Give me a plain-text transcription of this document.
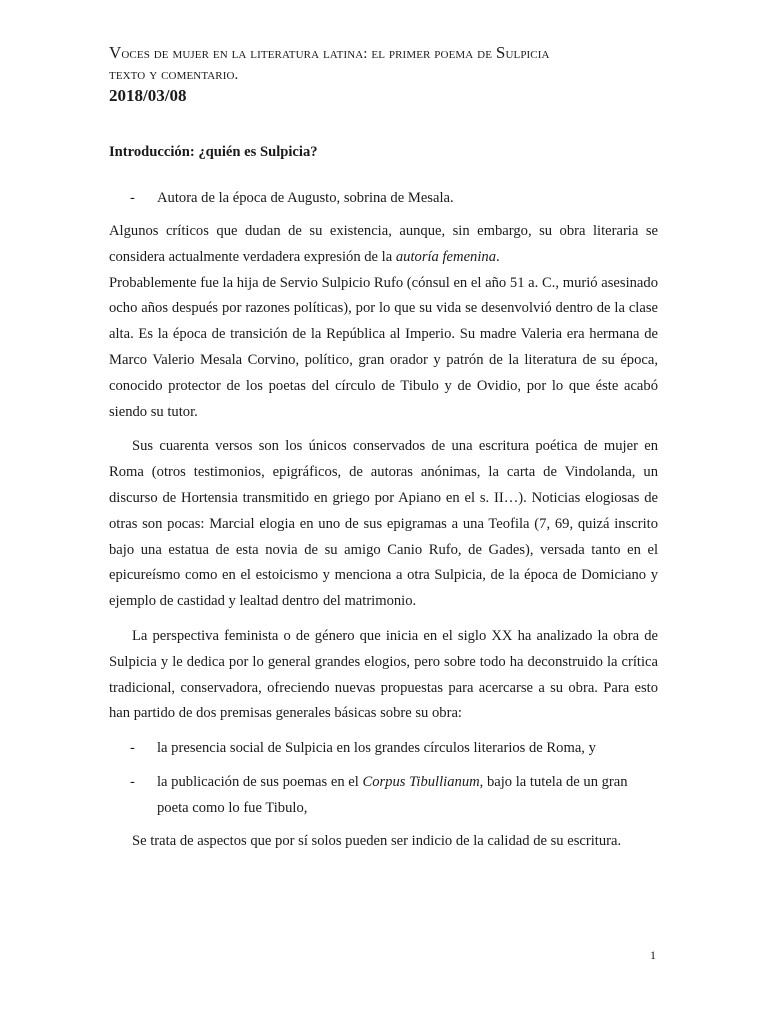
Voces de mujer en la literatura latina: el primer poema de Sulpicia
texto y comentario.
2018/03/08
Introducción: ¿quién es Sulpicia?
-	Autora de la época de Augusto, sobrina de Mesala.

Algunos críticos que dudan de su existencia, aunque, sin embargo, su obra literaria se considera actualmente verdadera expresión de la autoría femenina.

Probablemente fue la hija de Servio Sulpicio Rufo (cónsul en el año 51 a. C., murió asesinado ocho años después por razones políticas), por lo que su vida se desenvolvió dentro de la clase alta. Es la época de transición de la República al Imperio. Su madre Valeria era hermana de Marco Valerio Mesala Corvino, político, gran orador y patrón de la literatura de su época, conocido protector de los poetas del círculo de Tibulo y de Ovidio, por lo que éste acabó siendo su tutor.

Sus cuarenta versos son los únicos conservados de una escritura poética de mujer en Roma (otros testimonios, epigráficos, de autoras anónimas, la carta de Vindolanda, un discurso de Hortensia transmitido en griego por Apiano en el s. II…). Noticias elogiosas de otras son pocas: Marcial elogia en uno de sus epigramas a una Teofila (7, 69, quizá inscrito bajo una estatua de esta novia de su amigo Canio Rufo, de Gades), versada tanto en el epicureísmo como en el estoicismo y menciona a otra Sulpicia, de la época de Domiciano y ejemplo de castidad y lealtad dentro del matrimonio.

La perspectiva feminista o de género que inicia en el siglo XX ha analizado la obra de Sulpicia y le dedica por lo general grandes elogios, pero sobre todo ha deconstruido la crítica tradicional, conservadora, ofreciendo nuevas propuestas para acercarse a su obra. Para esto han partido de dos premisas generales básicas sobre su obra:

-	la presencia social de Sulpicia en los grandes círculos literarios de Roma, y
-	la publicación de sus poemas en el Corpus Tibullianum, bajo la tutela de un gran poeta como lo fue Tibulo,

Se trata de aspectos que por sí solos pueden ser indicio de la calidad de su escritura.

1
